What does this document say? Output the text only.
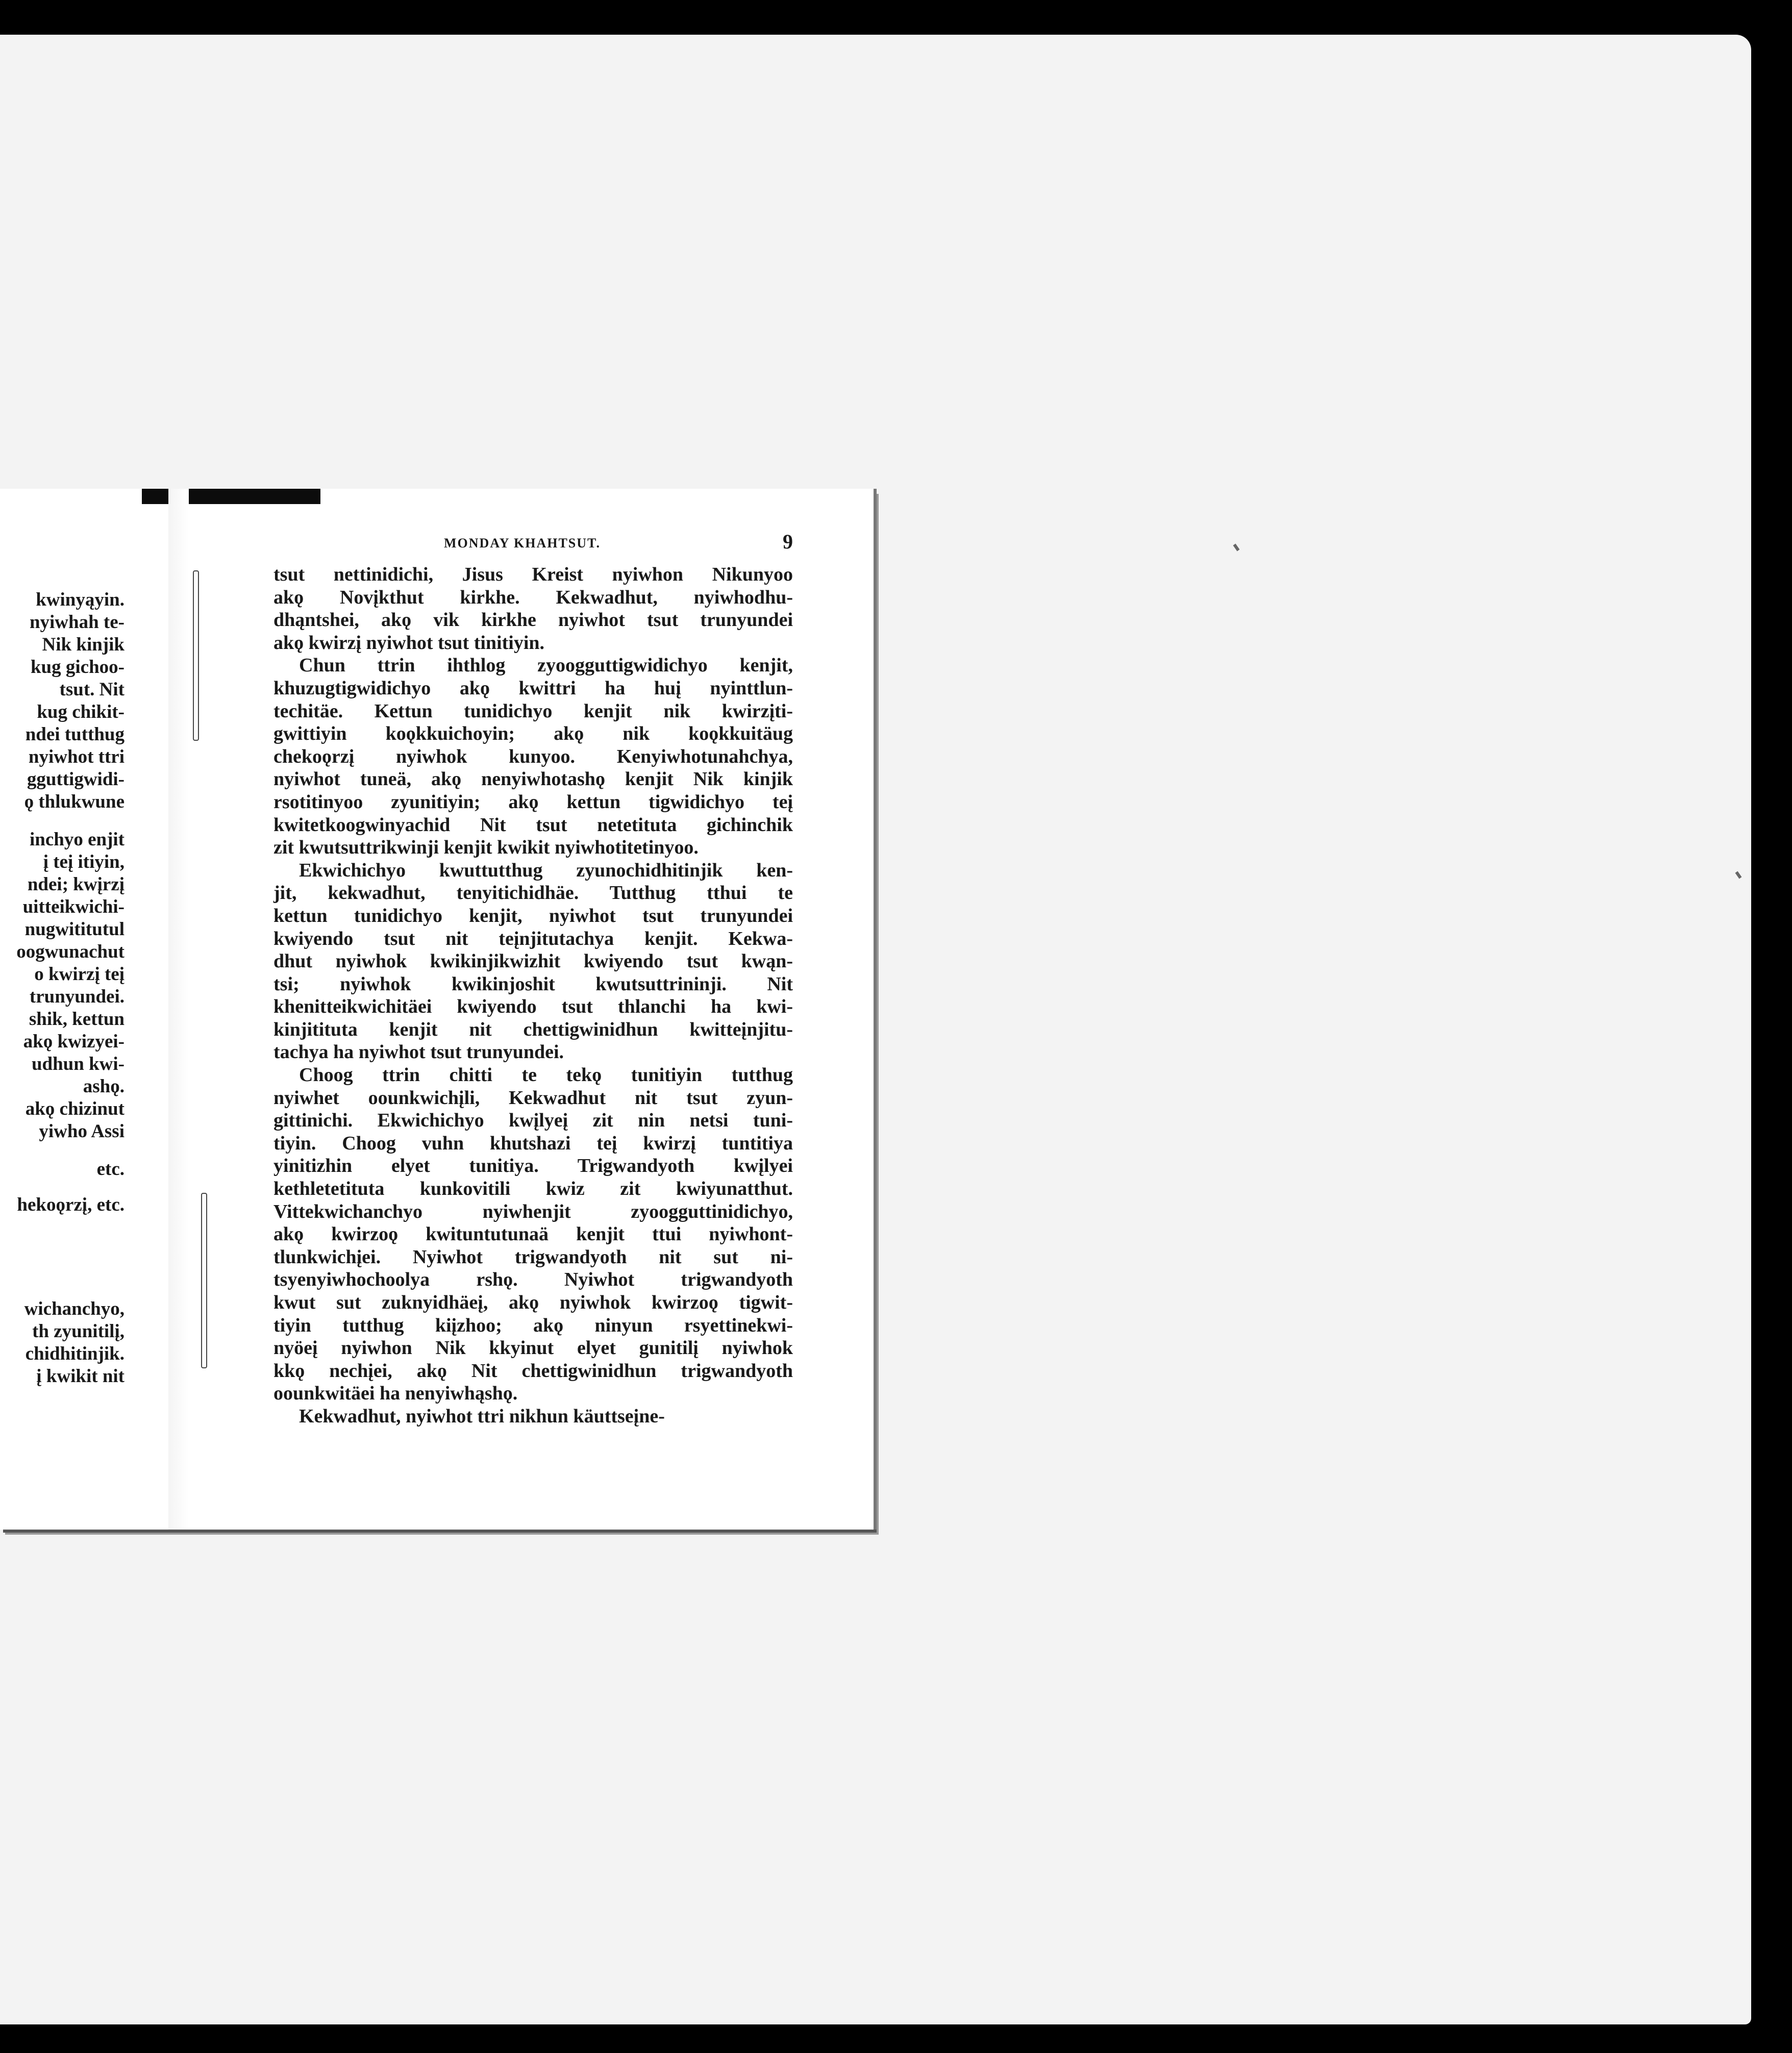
kwinyąyin.
nyiwhah te-
Nik kinjik
kug gichoo-
tsut. Nit
kug chikit-
ndei tutthug
nyiwhot ttri
gguttigwidi-
ǫ thlukwune
inchyo enjit
į teį itiyin,
ndei; kwįrzį
uitteikwichi-
nugwititutul
oogwunachut
o kwirzį teį
trunyundei.
shik, kettun
akǫ kwizyei-
udhun kwi-
ashǫ.
akǫ chizinut
yiwho Assi
etc.
hekoǫrzį, etc.
wichanchyo,
th zyunitilį,
chidhitinjik.
į kwikit nit
MONDAY KHAHTSUT.	9
tsut nettinidichi, Jisus Kreist nyiwhon Nikunyoo
akǫ Novįkthut kirkhe. Kekwadhut, nyiwhodhu-
dhąntshei, akǫ vik kirkhe nyiwhot tsut trunyundei
akǫ kwirzį nyiwhot tsut tinitiyin.
Chun ttrin ihthlog zyoogguttigwidichyo kenjit,
khuzugtigwidichyo akǫ kwittri ha huį nyinttlun-
techitäe. Kettun tunidichyo kenjit nik kwirzįti-
gwittiyin koǫkkuichoyin; akǫ nik koǫkkuitäug
chekoǫrzį nyiwhok kunyoo. Kenyiwhotunahchya,
nyiwhot tuneä, akǫ nenyiwhotashǫ kenjit Nik kinjik
rsotitinyoo zyunitiyin; akǫ kettun tigwidichyo teį
kwitetkoogwinyachid Nit tsut netetituta gichinchik
zit kwutsuttrikwinji kenjit kwikit nyiwhotitetinyoo.
Ekwichichyo kwuttutthug zyunochidhitinjik ken-
jit, kekwadhut, tenyitichidhäe. Tutthug tthui te
kettun tunidichyo kenjit, nyiwhot tsut trunyundei
kwiyendo tsut nit teįnjitutachya kenjit. Kekwa-
dhut nyiwhok kwikinjikwizhit kwiyendo tsut kwąn-
tsi; nyiwhok kwikinjoshit kwutsuttrininji. Nit
khenitteikwichitäei kwiyendo tsut thlanchi ha kwi-
kinjititutа kenjit nit chettigwinidhun kwitteįnjitu-
tachya ha nyiwhot tsut trunyundei.
Choog ttrin chitti te tekǫ tunitiyin tutthug
nyiwhet oounkwichįli, Kekwadhut nit tsut zyun-
gittinichi. Ekwichichyo kwįlyeį zit nin netsi tuni-
tiyin. Choog vuhn khutshazi teį kwirzį tuntitiya
yinitizhin elyet tunitiya. Trigwandyoth kwįlyei
kethletetituta kunkovitili kwiz zit kwiyunatthut.
Vittekwichanchyo nyiwhenjit zyoogguttinidichyo,
akǫ kwirzoǫ kwituntutunaä kenjit ttui nyiwhont-
tlunkwichįei. Nyiwhot trigwandyoth nit sut ni-
tsyenyiwhochoolya rshǫ. Nyiwhot trigwandyoth
kwut sut zuknyidhäeį, akǫ nyiwhok kwirzoǫ tigwit-
tiyin tutthug kiįzhoo; akǫ ninyun rsyettinekwi-
nyöeį nyiwhon Nik kkyinut elyet gunitilį nyiwhok
kkǫ nechįei, akǫ Nit chettigwinidhun trigwandyoth
oounkwitäei ha nenyiwhąshǫ.
Kekwadhut, nyiwhot ttri nikhun käuttseįne-
